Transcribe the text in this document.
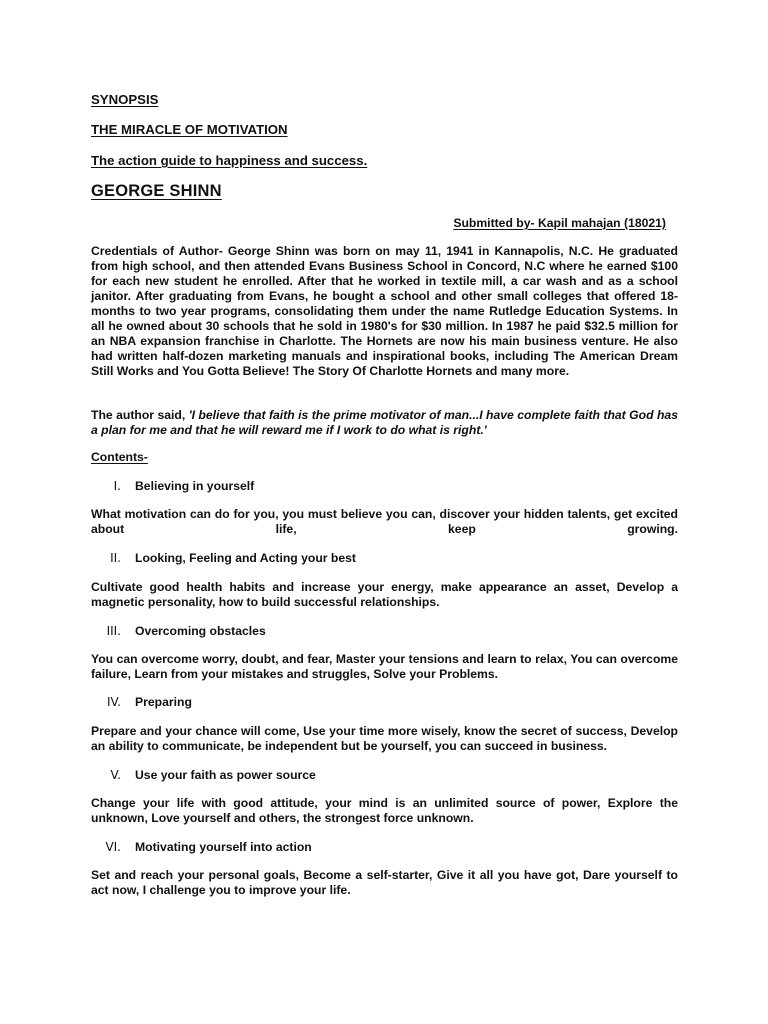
SYNOPSIS
THE MIRACLE OF MOTIVATION
The action guide to happiness and success.
GEORGE SHINN
Submitted by- Kapil mahajan (18021)
Credentials of Author- George Shinn was born on may 11, 1941 in Kannapolis, N.C. He graduated from high school, and then attended Evans Business School in Concord, N.C where he earned $100 for each new student he enrolled. After that he worked in textile mill, a car wash and as a school janitor. After graduating from Evans, he bought a school and other small colleges that offered 18- months to two year programs, consolidating them under the name Rutledge Education Systems. In all he owned about 30 schools that he sold in 1980's for $30 million. In 1987 he paid $32.5 million for an NBA expansion franchise in Charlotte. The Hornets are now his main business venture. He also had written half-dozen marketing manuals and inspirational books, including The American Dream Still Works and You Gotta Believe! The Story Of Charlotte Hornets and many more.
The author said, 'I believe that faith is the prime motivator of man...I have complete faith that God has a plan for me and that he will reward me if I work to do what is right.'
Contents-
I. Believing in yourself
What motivation can do for you, you must believe you can, discover your hidden talents, get excited about life, keep growing.
II. Looking, Feeling and Acting your best
Cultivate good health habits and increase your energy, make appearance an asset, Develop a magnetic personality, how to build successful relationships.
III. Overcoming obstacles
You can overcome worry, doubt, and fear, Master your tensions and learn to relax, You can overcome failure, Learn from your mistakes and struggles, Solve your Problems.
IV. Preparing
Prepare and your chance will come, Use your time more wisely, know the secret of success, Develop an ability to communicate, be independent but be yourself, you can succeed in business.
V. Use your faith as power source
Change your life with good attitude, your mind is an unlimited source of power, Explore the unknown, Love yourself and others, the strongest force unknown.
VI. Motivating yourself into action
Set and reach your personal goals, Become a self-starter, Give it all you have got, Dare yourself to act now, I challenge you to improve your life.
